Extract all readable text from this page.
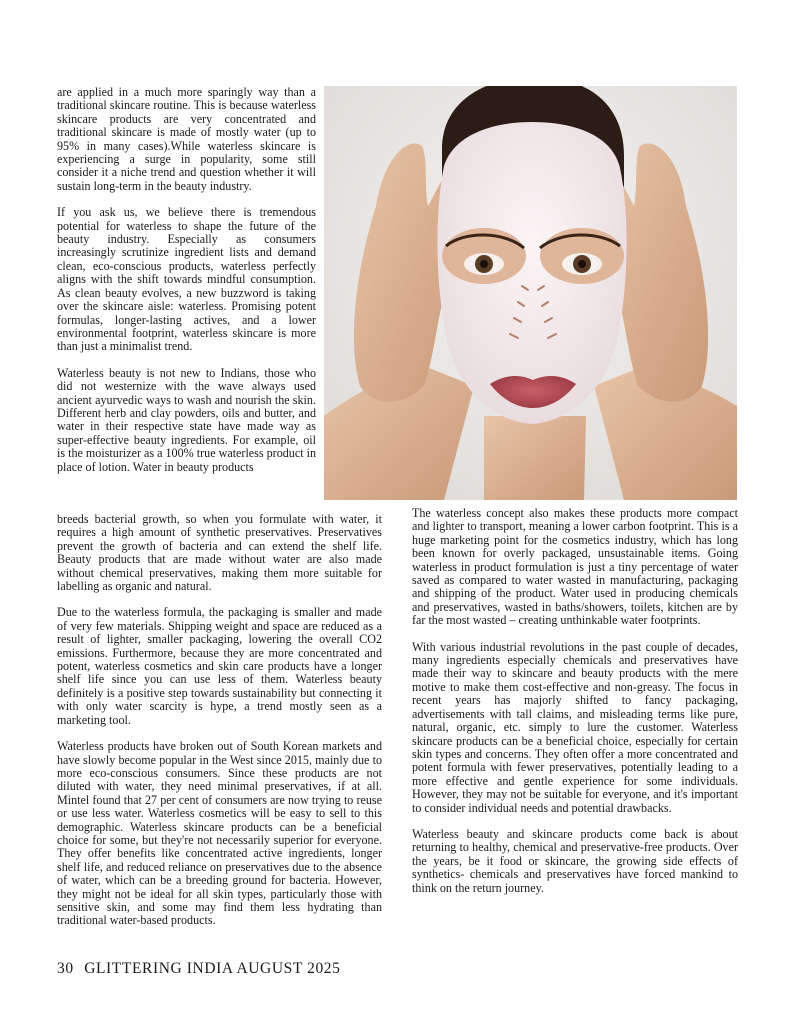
are applied in a much more sparingly way than a traditional skincare routine. This is because waterless skincare products are very concentrated and traditional skincare is made of mostly water (up to 95% in many cases).While waterless skincare is experiencing a surge in popularity, some still consider it a niche trend and question whether it will sustain long-term in the beauty industry.

If you ask us, we believe there is tremendous potential for waterless to shape the future of the beauty industry. Especially as consumers increasingly scrutinize ingredient lists and demand clean, eco-conscious products, waterless perfectly aligns with the shift towards mindful consumption. As clean beauty evolves, a new buzzword is taking over the skincare aisle: waterless. Promising potent formulas, longer-lasting actives, and a lower environmental footprint, waterless skincare is more than just a minimalist trend.

Waterless beauty is not new to Indians, those who did not westernize with the wave always used ancient ayurvedic ways to wash and nourish the skin. Different herb and clay powders, oils and butter, and water in their respective state have made way as super-effective beauty ingredients. For example, oil is the moisturizer as a 100% true waterless product in place of lotion. Water in beauty products

breeds bacterial growth, so when you formulate with water, it requires a high amount of synthetic preservatives. Preservatives prevent the growth of bacteria and can extend the shelf life. Beauty products that are made without water are also made without chemical preservatives, making them more suitable for labelling as organic and natural.

Due to the waterless formula, the packaging is smaller and made of very few materials. Shipping weight and space are reduced as a result of lighter, smaller packaging, lowering the overall CO2 emissions. Furthermore, because they are more concentrated and potent, waterless cosmetics and skin care products have a longer shelf life since you can use less of them. Waterless beauty definitely is a positive step towards sustainability but connecting it with only water scarcity is hype, a trend mostly seen as a marketing tool.

Waterless products have broken out of South Korean markets and have slowly become popular in the West since 2015, mainly due to more eco-conscious consumers. Since these products are not diluted with water, they need minimal preservatives, if at all. Mintel found that 27 per cent of consumers are now trying to reuse or use less water. Waterless cosmetics will be easy to sell to this demographic. Waterless skincare products can be a beneficial choice for some, but they're not necessarily superior for everyone. They offer benefits like concentrated active ingredients, longer shelf life, and reduced reliance on preservatives due to the absence of water, which can be a breeding ground for bacteria. However, they might not be ideal for all skin types, particularly those with sensitive skin, and some may find them less hydrating than traditional water-based products.

The waterless concept also makes these products more compact and lighter to transport, meaning a lower carbon footprint. This is a huge marketing point for the cosmetics industry, which has long been known for overly packaged, unsustainable items. Going waterless in product formulation is just a tiny percentage of water saved as compared to water wasted in manufacturing, packaging and shipping of the product. Water used in producing chemicals and preservatives, wasted in baths/showers, toilets, kitchen are by far the most wasted – creating unthinkable water footprints.

With various industrial revolutions in the past couple of decades, many ingredients especially chemicals and preservatives have made their way to skincare and beauty products with the mere motive to make them cost-effective and non-greasy. The focus in recent years has majorly shifted to fancy packaging, advertisements with tall claims, and misleading terms like pure, natural, organic, etc. simply to lure the customer. Waterless skincare products can be a beneficial choice, especially for certain skin types and concerns. They often offer a more concentrated and potent formula with fewer preservatives, potentially leading to a more effective and gentle experience for some individuals. However, they may not be suitable for everyone, and it's important to consider individual needs and potential drawbacks.

Waterless beauty and skincare products come back is about returning to healthy, chemical and preservative-free products. Over the years, be it food or skincare, the growing side effects of synthetics- chemicals and preservatives have forced mankind to think on the return journey.

30 GLITTERING INDIA AUGUST 2025
